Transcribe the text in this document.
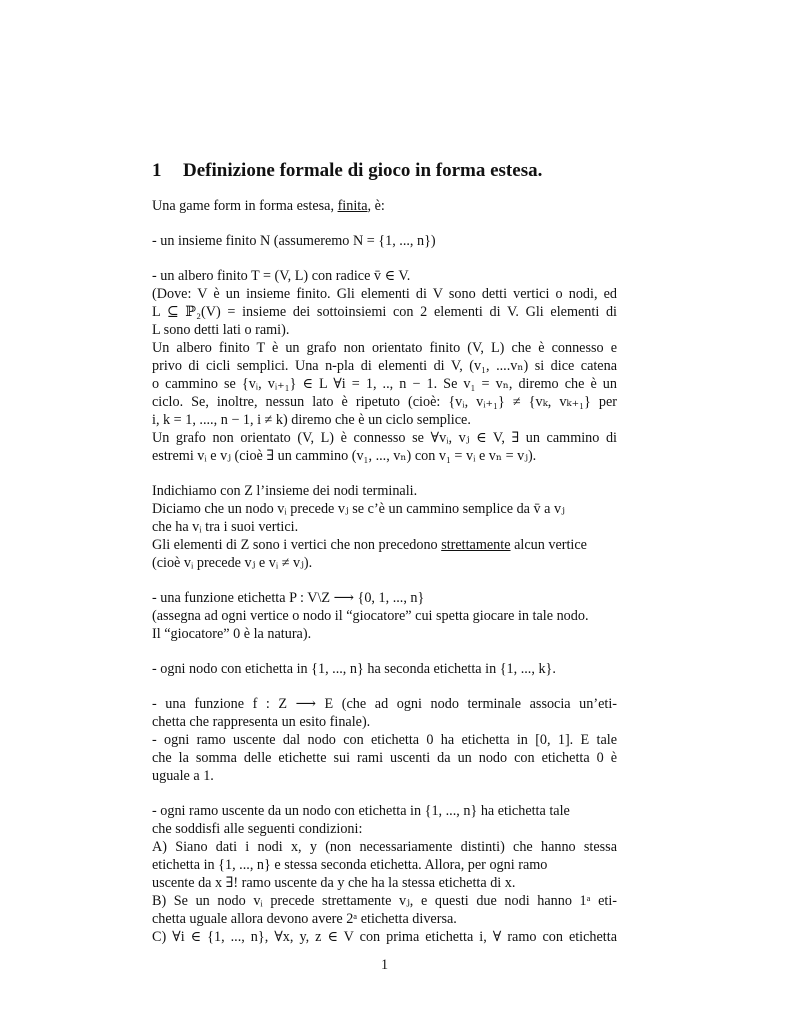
1 Definizione formale di gioco in forma estesa.
Una game form in forma estesa, finita, è:
- un insieme finito N (assumeremo N = {1, ..., n})
- un albero finito T = (V, L) con radice v̄ ∈ V.
(Dove: V è un insieme finito. Gli elementi di V sono detti vertici o nodi, ed
L ⊆ ℙ₂(V) = insieme dei sottoinsiemi con 2 elementi di V. Gli elementi di
L sono detti lati o rami).
Un albero finito T è un grafo non orientato finito (V, L) che è connesso e
privo di cicli semplici. Una n-pla di elementi di V, (v₁, ....vₙ) si dice catena
o cammino se {vᵢ, vᵢ₊₁} ∈ L ∀i = 1, .., n − 1. Se v₁ = vₙ, diremo che è un
ciclo. Se, inoltre, nessun lato è ripetuto (cioè: {vᵢ, vᵢ₊₁} ≠ {vₖ, vₖ₊₁} per
i, k = 1, ...., n − 1, i ≠ k) diremo che è un ciclo semplice.
Un grafo non orientato (V, L) è connesso se ∀vᵢ, vⱼ ∈ V, ∃ un cammino di
estremi vᵢ e vⱼ (cioè ∃ un cammino (v₁, ..., vₙ) con v₁ = vᵢ e vₙ = vⱼ).
Indichiamo con Z l’insieme dei nodi terminali.
Diciamo che un nodo vᵢ precede vⱼ se c’è un cammino semplice da v̄ a vⱼ
che ha vᵢ tra i suoi vertici.
Gli elementi di Z sono i vertici che non precedono strettamente alcun vertice
(cioè vᵢ precede vⱼ e vᵢ ≠ vⱼ).
- una funzione etichetta P : V\Z ⟶ {0, 1, ..., n}
(assegna ad ogni vertice o nodo il “giocatore” cui spetta giocare in tale nodo.
Il “giocatore” 0 è la natura).
- ogni nodo con etichetta in {1, ..., n} ha seconda etichetta in {1, ..., k}.
- una funzione f : Z ⟶ E (che ad ogni nodo terminale associa un’eti-
chetta che rappresenta un esito finale).
- ogni ramo uscente dal nodo con etichetta 0 ha etichetta in [0, 1]. E tale
che la somma delle etichette sui rami uscenti da un nodo con etichetta 0 è
uguale a 1.
- ogni ramo uscente da un nodo con etichetta in {1, ..., n} ha etichetta tale
che soddisfi alle seguenti condizioni:
A) Siano dati i nodi x, y (non necessariamente distinti) che hanno stessa
etichetta in {1, ..., n} e stessa seconda etichetta. Allora, per ogni ramo
uscente da x ∃! ramo uscente da y che ha la stessa etichetta di x.
B) Se un nodo vᵢ precede strettamente vⱼ, e questi due nodi hanno 1ᵃ eti-
chetta uguale allora devono avere 2ᵃ etichetta diversa.
C) ∀i ∈ {1, ..., n}, ∀x, y, z ∈ V con prima etichetta i, ∀ ramo con etichetta
1
